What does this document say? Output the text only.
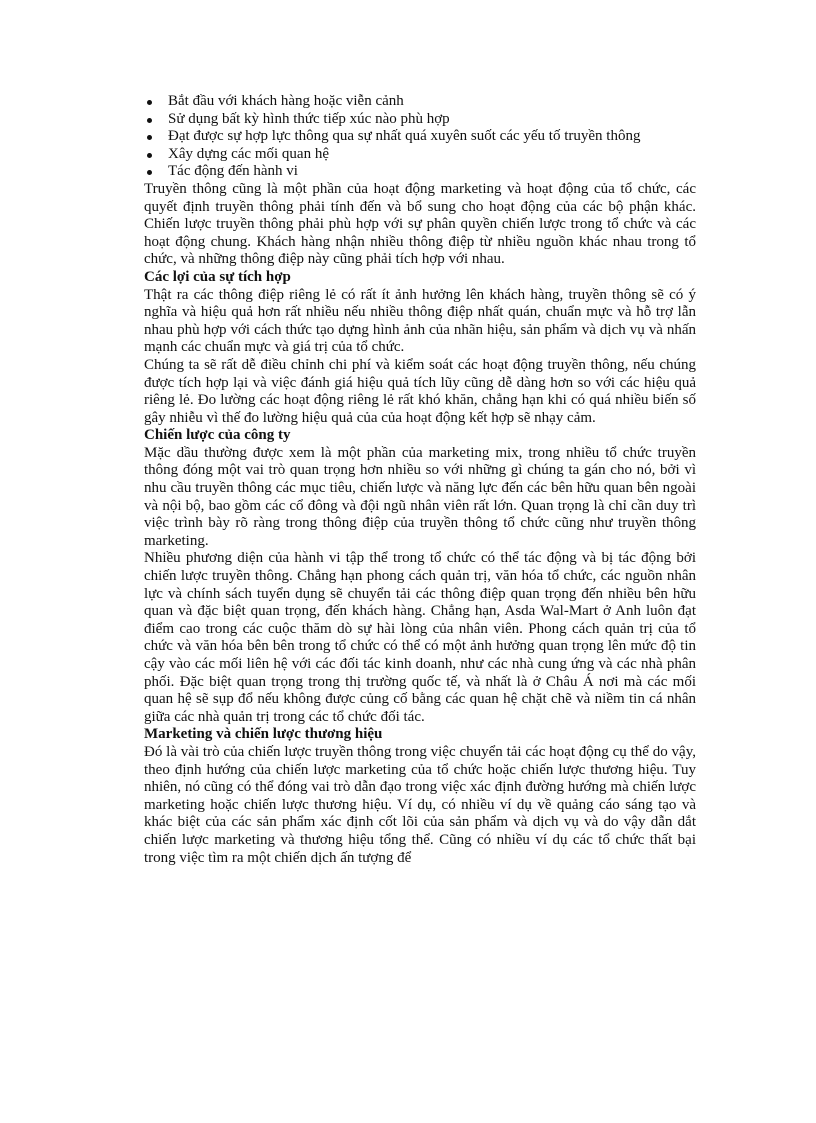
Bắt đầu với khách hàng hoặc viễn cảnh
Sử dụng bất kỳ hình thức tiếp xúc nào phù hợp
Đạt được sự hợp lực thông qua sự nhất quá xuyên suốt các yếu tố truyền thông
Xây dựng các mối quan hệ
Tác động đến hành vi

Truyền thông cũng là một phần của hoạt động marketing và hoạt động của tổ chức, các quyết định truyền thông phải tính đến và bổ sung cho hoạt động của các bộ phận khác. Chiến lược truyền thông phải phù hợp với sự phân quyền chiến lược trong tổ chức và các hoạt động chung. Khách hàng nhận nhiều thông điệp từ nhiều nguồn khác nhau trong tổ chức, và những thông điệp này cũng phải tích hợp với nhau.

Các lợi của sự tích hợp

Thật ra các thông điệp riêng lẻ có rất ít ảnh hưởng lên khách hàng, truyền thông sẽ có ý nghĩa và hiệu quả hơn rất nhiều nếu nhiều thông điệp nhất quán, chuẩn mực và hỗ trợ lẫn nhau phù hợp với cách thức tạo dựng hình ảnh của nhãn hiệu, sản phẩm và dịch vụ và nhấn mạnh các chuẩn mực và giá trị của tổ chức.

Chúng ta sẽ rất dễ điều chỉnh chi phí và kiểm soát các hoạt động truyền thông, nếu chúng được tích hợp lại và việc đánh giá hiệu quả tích lũy cũng dễ dàng hơn so với các hiệu quả riêng lẻ. Đo lường các hoạt động riêng lẻ rất khó khăn, chẳng hạn khi có quá nhiều biến số gây nhiễu vì thế đo lường hiệu quả của của hoạt động kết hợp sẽ nhạy cảm.

Chiến lược của công ty

Mặc dầu thường được xem là một phần của marketing mix, trong nhiều tổ chức truyền thông đóng một vai trò quan trọng hơn nhiều so với những gì chúng ta gán cho nó, bởi vì nhu cầu truyền thông các mục tiêu, chiến lược và năng lực đến các bên hữu quan bên ngoài và nội bộ, bao gồm các cổ đông và đội ngũ nhân viên rất lớn. Quan trọng là chỉ cần duy trì việc trình bày rõ ràng trong thông điệp của truyền thông tổ chức cũng như truyền thông marketing.

Nhiều phương diện của hành vi tập thể trong tổ chức có thể tác động và bị tác động bởi chiến lược truyền thông. Chẳng hạn phong cách quản trị, văn hóa tổ chức, các nguồn nhân lực và chính sách tuyển dụng sẽ chuyển tải các thông điệp quan trọng đến nhiều bên hữu quan và đặc biệt quan trọng, đến khách hàng. Chẳng hạn, Asda Wal-Mart ở Anh luôn đạt điểm cao trong các cuộc thăm dò sự hài lòng của nhân viên. Phong cách quản trị của tổ chức và văn hóa bên bên trong tổ chức có thể có một ảnh hưởng quan trọng lên mức độ tin cậy vào các mối liên hệ với các đối tác kinh doanh, như các nhà cung ứng và các nhà phân phối. Đặc biệt quan trọng trong thị trường quốc tế, và nhất là ở Châu Á nơi mà các mối quan hệ sẽ sụp đổ nếu không được củng cố bằng các quan hệ chặt chẽ và niềm tin cá nhân giữa các nhà quản trị trong các tổ chức đối tác.

Marketing và chiến lược thương hiệu

Đó là vài trò của chiến lược truyền thông trong việc chuyển tải các hoạt động cụ thể do vậy, theo định hướng của chiến lược marketing của tổ chức hoặc chiến lược thương hiệu. Tuy nhiên, nó cũng có thể đóng vai trò dẫn đạo trong việc xác định đường hướng mà chiến lược marketing hoặc chiến lược thương hiệu. Ví dụ, có nhiều ví dụ về quảng cáo sáng tạo và khác biệt của các sản phẩm xác định cốt lõi của sản phẩm và dịch vụ và do vậy dẫn dắt chiến lược marketing và thương hiệu tổng thể. Cũng có nhiều ví dụ các tổ chức thất bại trong việc tìm ra một chiến dịch ấn tượng để
